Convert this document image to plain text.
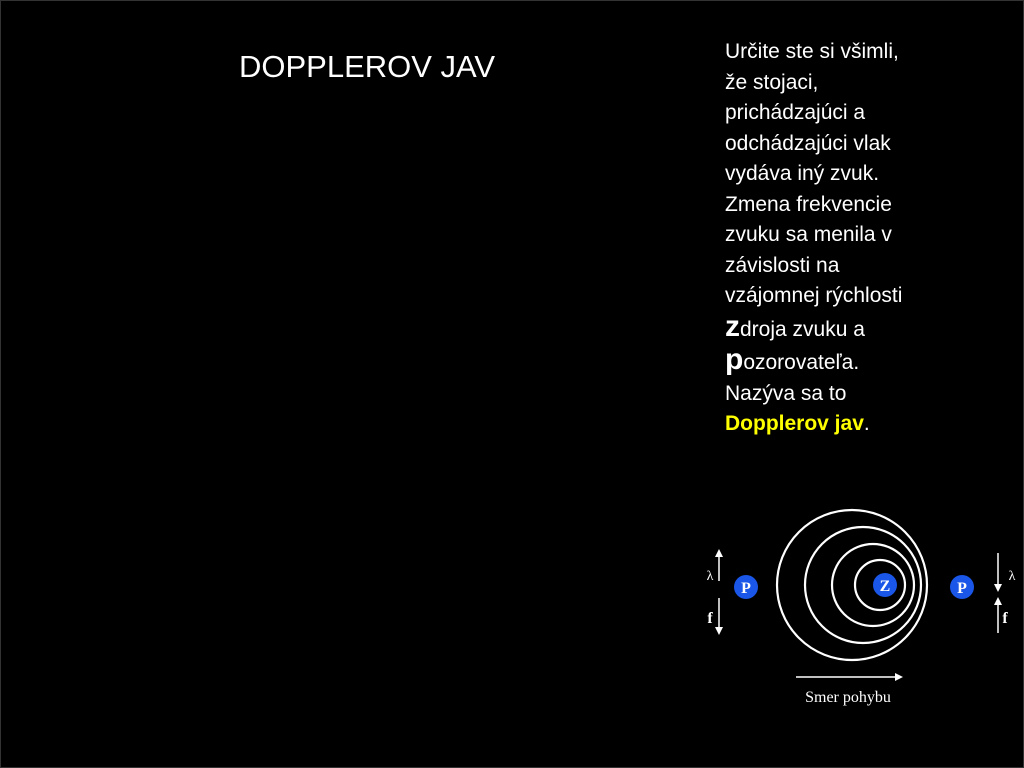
DOPPLEROV JAV	Určite ste si všimli,
že stojaci,
prichádzajúci a
odchádzajúci vlak
vydáva iný zvuk.
Zmena frekvencie
zvuku sa menila v
závislosti na
vzájomnej rýchlosti
zdroja zvuku a
pozorovateľa.
Nazýva sa to
Dopplerov jav.
Z
P	P
λ
f
λ
f
Smer pohybu
